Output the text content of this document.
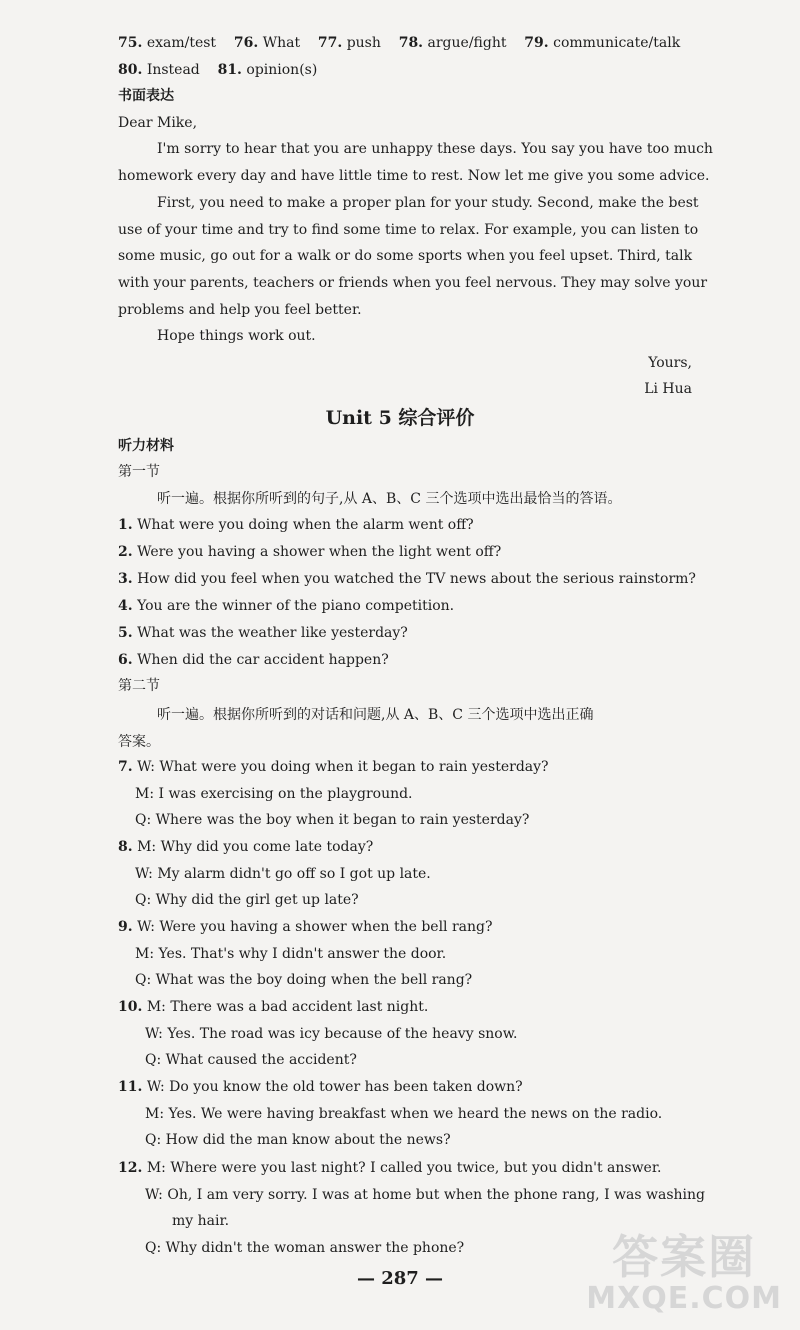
75. exam/test 76. What 77. push 78. argue/fight 79. communicate/talk
80. Instead 81. opinion(s)
书面表达
Dear Mike,
I'm sorry to hear that you are unhappy these days. You say you have too much
homework every day and have little time to rest. Now let me give you some advice.
First, you need to make a proper plan for your study. Second, make the best
use of your time and try to find some time to relax. For example, you can listen to
some music, go out for a walk or do some sports when you feel upset. Third, talk
with your parents, teachers or friends when you feel nervous. They may solve your
problems and help you feel better.
Hope things work out.
Yours,
Li Hua
Unit 5 综合评价
听力材料
第一节
听一遍。根据你所听到的句子,从 A、B、C 三个选项中选出最恰当的答语。
1. What were you doing when the alarm went off?
2. Were you having a shower when the light went off?
3. How did you feel when you watched the TV news about the serious rainstorm?
4. You are the winner of the piano competition.
5. What was the weather like yesterday?
6. When did the car accident happen?
第二节
听一遍。根据你所听到的对话和问题,从 A、B、C 三个选项中选出正确
答案。
7. W: What were you doing when it began to rain yesterday?
M: I was exercising on the playground.
Q: Where was the boy when it began to rain yesterday?
8. M: Why did you come late today?
W: My alarm didn't go off so I got up late.
Q: Why did the girl get up late?
9. W: Were you having a shower when the bell rang?
M: Yes. That's why I didn't answer the door.
Q: What was the boy doing when the bell rang?
10. M: There was a bad accident last night.
W: Yes. The road was icy because of the heavy snow.
Q: What caused the accident?
11. W: Do you know the old tower has been taken down?
M: Yes. We were having breakfast when we heard the news on the radio.
Q: How did the man know about the news?
12. M: Where were you last night? I called you twice, but you didn't answer.
W: Oh, I am very sorry. I was at home but when the phone rang, I was washing
my hair.
Q: Why didn't the woman answer the phone?
— 287 —	答案圈
MXQE.COM
